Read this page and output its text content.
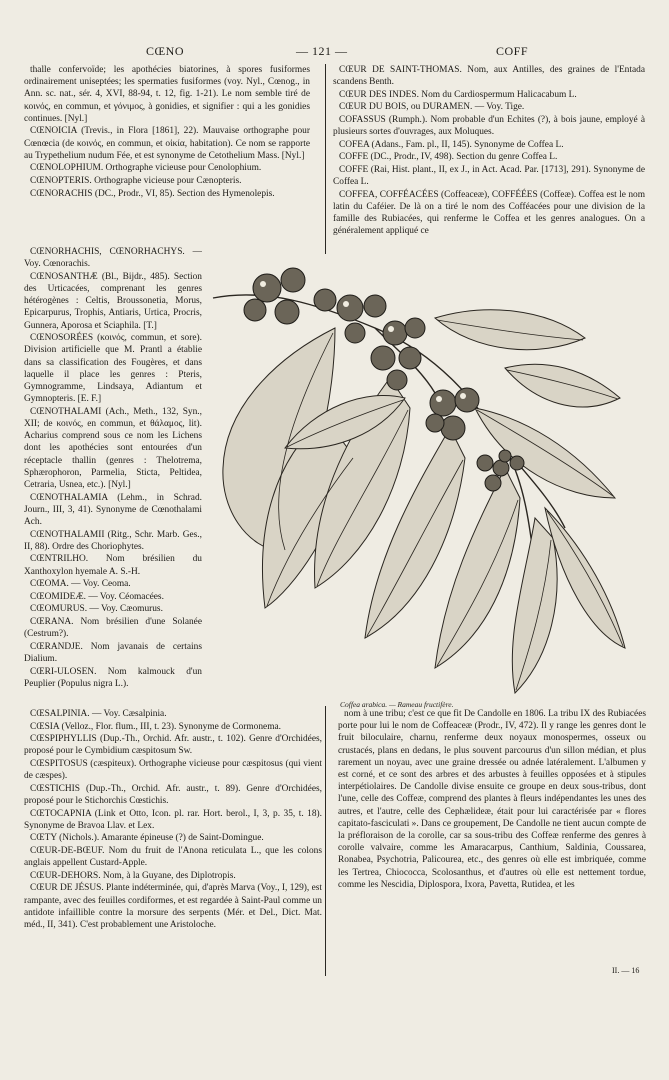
CŒNO	— 121 —	COFF

thalle confervoïde; les apothécies biatorines, à spores fusiformes ordinairement uniseptées; les spermaties fusiformes (voy. Nyl., Cœnog., in Ann. sc. nat., sér. 4, XVI, 88-94, t. 12, fig. 1-21). Le nom semble tiré de κοινός, en commun, et γόνιμος, à gonidies, et signifier : qui a les gonidies continues. [Nyl.]

CŒNOICIA (Trevis., in Flora [1861], 22). Mauvaise orthographe pour Cœnœcia (de κοινός, en commun, et οἰκία, habitation). Ce nom se rapporte au Trypethelium nudum Fée, et est synonyme de Cetothelium Mass. [Nyl.]

CŒNOLOPHIUM. Orthographe vicieuse pour Cenolophium.

CŒNOPTERIS. Orthographe vicieuse pour Cænopteris.

CŒNORACHIS (DC., Prodr., VI, 85). Section des Hymenolepis.

CŒNORHACHIS, CŒNORHACHYS. — Voy. Cœnorachis.

CŒNOSANTHÆ (Bl., Bijdr., 485). Section des Urticacées, comprenant les genres hétérogènes : Celtis, Broussonetia, Morus, Epicarpurus, Trophis, Antiaris, Urtica, Procris, Gunnera, Aporosa et Sciaphila. [T.]

CŒNOSORÉES (κοινός, commun, et sore). Division artificielle que M. Prantl a établie dans sa classification des Fougères, et dans laquelle il place les genres : Pteris, Gymnogramme, Lindsaya, Adiantum et Gymnopteris. [E. F.]

CŒNOTHALAMI (Ach., Meth., 132, Syn., XII; de κοινός, en commun, et θάλαμος, lit). Acharius comprend sous ce nom les Lichens dont les apothécies sont entourées d'un réceptacle thallin (genres : Thelotrema, Sphærophoron, Parmelia, Sticta, Peltidea, Cetraria, Usnea, etc.). [Nyl.]

CŒNOTHALAMIA (Lehm., in Schrad. Journ., III, 3, 41). Synonyme de Cœnothalami Ach.

CŒNOTHALAMII (Ritg., Schr. Marb. Ges., II, 88). Ordre des Choriophytes.

CŒNTRILHO. Nom brésilien du Xanthoxylon hyemale A. S.-H.

CŒOMA. — Voy. Ceoma.

CŒOMIDEÆ. — Voy. Céomacées.

CŒOMURUS. — Voy. Cæomurus.

CŒRANA. Nom brésilien d'une Solanée (Cestrum?).

CŒRANDJE. Nom javanais de certains Dialium.

CŒRI-ULOSEN. Nom kalmouck d'un Peuplier (Populus nigra L.).

CŒSALPINIA. — Voy. Cæsalpinia.

CŒSIA (Velloz., Flor. flum., III, t. 23). Synonyme de Cormonema.

CŒSPIPHYLLIS (Dup.-Th., Orchid. Afr. austr., t. 102). Genre d'Orchidées, proposé pour le Cymbidium cæspitosum Sw.

CŒSPITOSUS (cæspiteux). Orthographe vicieuse pour cæspitosus (qui vient de cæspes).

CŒSTICHIS (Dup.-Th., Orchid. Afr. austr., t. 89). Genre d'Orchidées, proposé pour le Stichorchis Cœstichis.

CŒTOCAPNIA (Link et Otto, Icon. pl. rar. Hort. berol., I, 3, p. 35, t. 18). Synonyme de Bravoa Llav. et Lex.

CŒTY (Nichols.). Amarante épineuse (?) de Saint-Domingue.

CŒUR-DE-BŒUF. Nom du fruit de l'Anona reticulata L., que les colons anglais appellent Custard-Apple.

CŒUR-DEHORS. Nom, à la Guyane, des Diplotropis.

CŒUR DE JÉSUS. Plante indéterminée, qui, d'après Marva (Voy., I, 129), est rampante, avec des feuilles cordiformes, et est regardée à Saint-Paul comme un antidote infaillible contre la morsure des serpents (Mér. et Del., Dict. Mat. méd., II, 341). C'est probablement une Aristoloche.

CŒUR DE SAINT-THOMAS. Nom, aux Antilles, des graines de l'Entada scandens Benth.

CŒUR DES INDES. Nom du Cardiospermum Halicacabum L.

CŒUR DU BOIS, ou DURAMEN. — Voy. Tige.

COFASSUS (Rumph.). Nom probable d'un Echites (?), à bois jaune, employé à plusieurs sortes d'ouvrages, aux Moluques.

COFEA (Adans., Fam. pl., II, 145). Synonyme de Coffea L.

COFFE (DC., Prodr., IV, 498). Section du genre Coffea L.

COFFE (Rai, Hist. plant., II, ex J., in Act. Acad. Par. [1713], 291). Synonyme de Coffea L.

COFFEA, COFFÉACÉES (Coffeaceæ), COFFÉÉES (Coffeæ). Coffea est le nom latin du Caféier. De là on a tiré le nom des Cofféacées pour une division de la famille des Rubiacées, qui renferme le Coffea et les genres analogues. On a généralement appliqué ce

Coffea arabica. — Rameau fructifère.

nom à une tribu; c'est ce que fit De Candolle en 1806. La tribu IX des Rubiacées porte pour lui le nom de Coffeaceæ (Prodr., IV, 472). Il y range les genres dont le fruit biloculaire, charnu, renferme deux noyaux monospermes, osseux ou crustacés, plans en dedans, le plus souvent parcourus d'un sillon médian, et plus rarement un noyau, avec une graine dressée ou adnée latéralement. L'albumen y est corné, et ce sont des arbres et des arbustes à feuilles opposées et à stipules interpétiolaires. De Candolle divise ensuite ce groupe en deux sous-tribus, dont l'une, celle des Coffeæ, comprend des plantes à fleurs indépendantes les unes des autres, et l'autre, celle des Cephælideæ, était pour lui caractérisée par « flores capitato-fasciculati ». Dans ce groupement, De Candolle ne tient aucun compte de la préfloraison de la corolle, car sa sous-tribu des Coffeæ renferme des genres à corolle valvaire, comme les Amaracarpus, Canthium, Saldinia, Coussarea, Ronabea, Psychotria, Palicourea, etc., des genres où elle est imbriquée, comme les Tertrea, Chiococca, Scolosanthus, et d'autres où elle est nettement tordue, comme les Nescidia, Diplospora, Ixora, Pavetta, Rutidea, et les

II. — 16
